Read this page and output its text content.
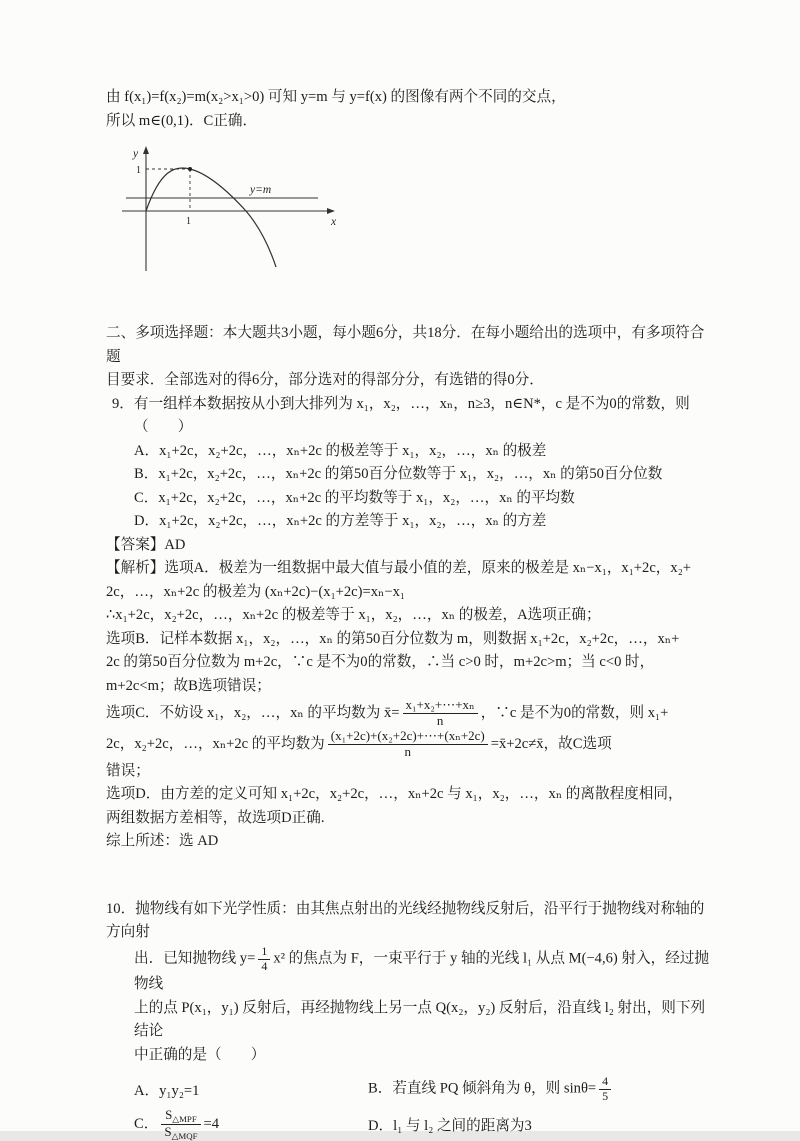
由 f(x₁)=f(x₂)=m(x₂>x₁>0) 可知 y=m 与 y=f(x) 的图像有两个不同的交点，

所以 m∈(0,1)．C正确．

y
x
1
1
y=m

二、多项选择题：本大题共3小题，每小题6分，共18分．在每小题给出的选项中，有多项符合题

目要求．全部选对的得6分，部分选对的得部分分，有选错的得0分．

9．有一组样本数据按从小到大排列为 x₁，x₂，…，xₙ，n≥3，n∈N*，c 是不为0的常数，则

（　　）

A．x₁+2c，x₂+2c，…，xₙ+2c 的极差等于 x₁，x₂，…，xₙ 的极差

B．x₁+2c，x₂+2c，…，xₙ+2c 的第50百分位数等于 x₁，x₂，…，xₙ 的第50百分位数

C．x₁+2c，x₂+2c，…，xₙ+2c 的平均数等于 x₁，x₂，…，xₙ 的平均数

D．x₁+2c，x₂+2c，…，xₙ+2c 的方差等于 x₁，x₂，…，xₙ 的方差

【答案】AD

【解析】选项A．极差为一组数据中最大值与最小值的差，原来的极差是 xₙ−x₁，x₁+2c，x₂+

2c，…，xₙ+2c 的极差为 (xₙ+2c)−(x₁+2c)=xₙ−x₁

∴x₁+2c，x₂+2c，…，xₙ+2c 的极差等于 x₁，x₂，…，xₙ 的极差，A选项正确；

选项B．记样本数据 x₁，x₂，…，xₙ 的第50百分位数为 m，则数据 x₁+2c，x₂+2c，…，xₙ+

2c 的第50百分位数为 m+2c，∵c 是不为0的常数，∴当 c>0 时，m+2c>m；当 c<0 时，

m+2c<m；故B选项错误；

选项C．不妨设 x₁，x₂，…，xₙ 的平均数为 x̄= $\frac{\text{x₁+x₂+⋯+xₙ}}{n}$ ，∵c 是不为0的常数，则 x₁+

2c，x₂+2c，…，xₙ+2c 的平均数为 $\frac{\text{(x₁+2c)+(x₂+2c)+⋯+(xₙ+2c)}}{n}$ =x̄+2c≠x̄，故C选项

错误；

选项D．由方差的定义可知 x₁+2c，x₂+2c，…，xₙ+2c 与 x₁，x₂，…，xₙ 的离散程度相同，

两组数据方差相等，故选项D正确.

综上所述：选 AD

10．抛物线有如下光学性质：由其焦点射出的光线经抛物线反射后，沿平行于抛物线对称轴的方向射

出．已知抛物线 $y= \frac{1}{4} x^2$ 的焦点为 F，一束平行于 y 轴的光线 l₁ 从点 M(−4,6) 射入，经过抛物线

上的点 P(x₁，y₁) 反射后，再经抛物线上另一点 Q(x₂，y₂) 反射后，沿直线 l₂ 射出，则下列结论

中正确的是（　　）

A．y₁y₂=1	B．若直线 PQ 倾斜角为 θ，则 $\sin\theta= \frac{4}{5}$
C． $\frac{S_{\triangle MPF}}{S_{\triangle MQF}} =4$	D．l₁ 与 l₂ 之间的距离为3
